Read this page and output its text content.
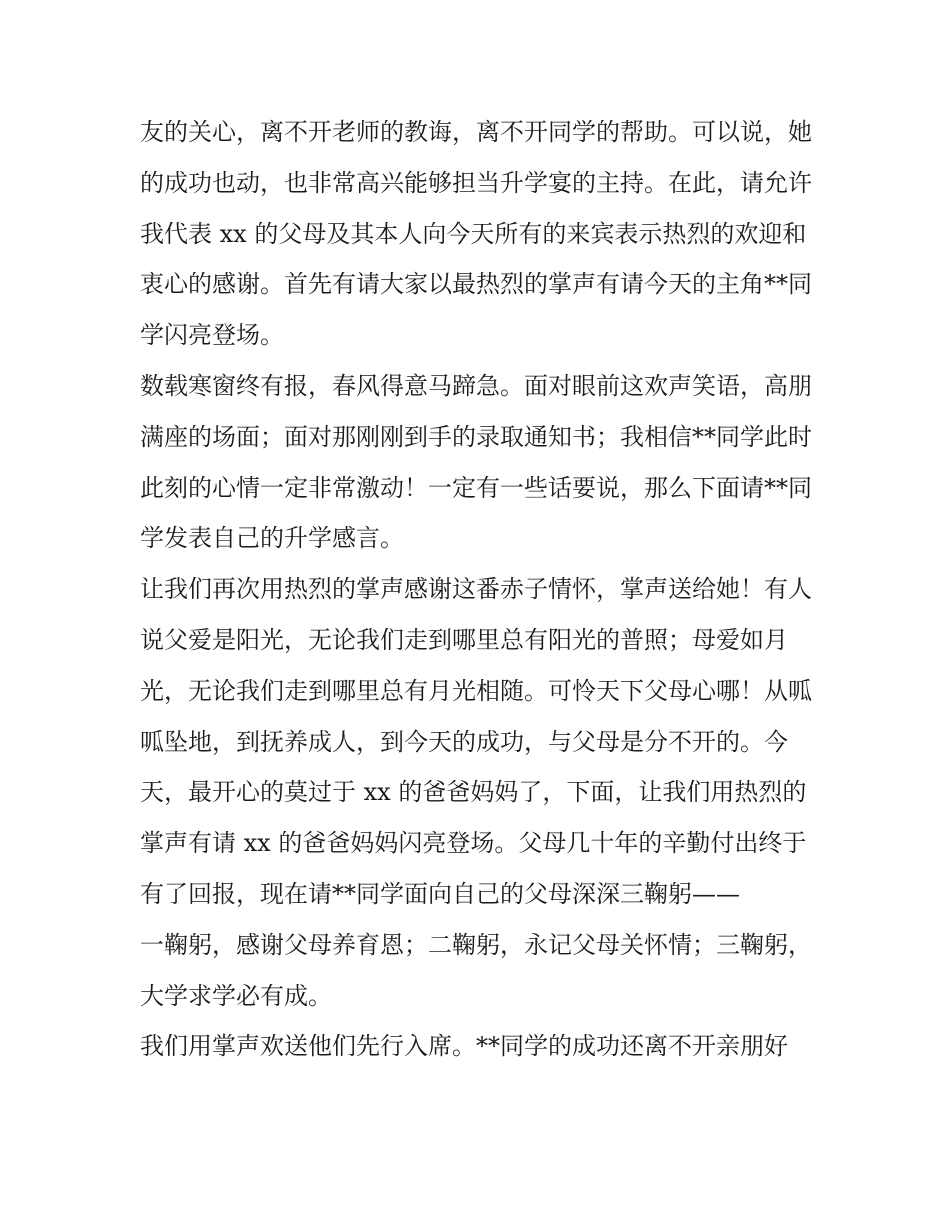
友的关心，离不开老师的教诲，离不开同学的帮助。可以说，她的成功也动，也非常高兴能够担当升学宴的主持。在此，请允许我代表 xx 的父母及其本人向今天所有的来宾表示热烈的欢迎和衷心的感谢。首先有请大家以最热烈的掌声有请今天的主角**同学闪亮登场。

数载寒窗终有报，春风得意马蹄急。面对眼前这欢声笑语，高朋满座的场面；面对那刚刚到手的录取通知书；我相信**同学此时此刻的心情一定非常激动！一定有一些话要说，那么下面请**同学发表自己的升学感言。

让我们再次用热烈的掌声感谢这番赤子情怀，掌声送给她！有人说父爱是阳光，无论我们走到哪里总有阳光的普照；母爱如月光，无论我们走到哪里总有月光相随。可怜天下父母心哪！从呱呱坠地，到抚养成人，到今天的成功，与父母是分不开的。今天，最开心的莫过于 xx 的爸爸妈妈了，下面，让我们用热烈的掌声有请 xx 的爸爸妈妈闪亮登场。父母几十年的辛勤付出终于有了回报，现在请**同学面向自己的父母深深三鞠躬——

一鞠躬，感谢父母养育恩；二鞠躬，永记父母关怀情；三鞠躬，大学求学必有成。

我们用掌声欢送他们先行入席。**同学的成功还离不开亲朋好
